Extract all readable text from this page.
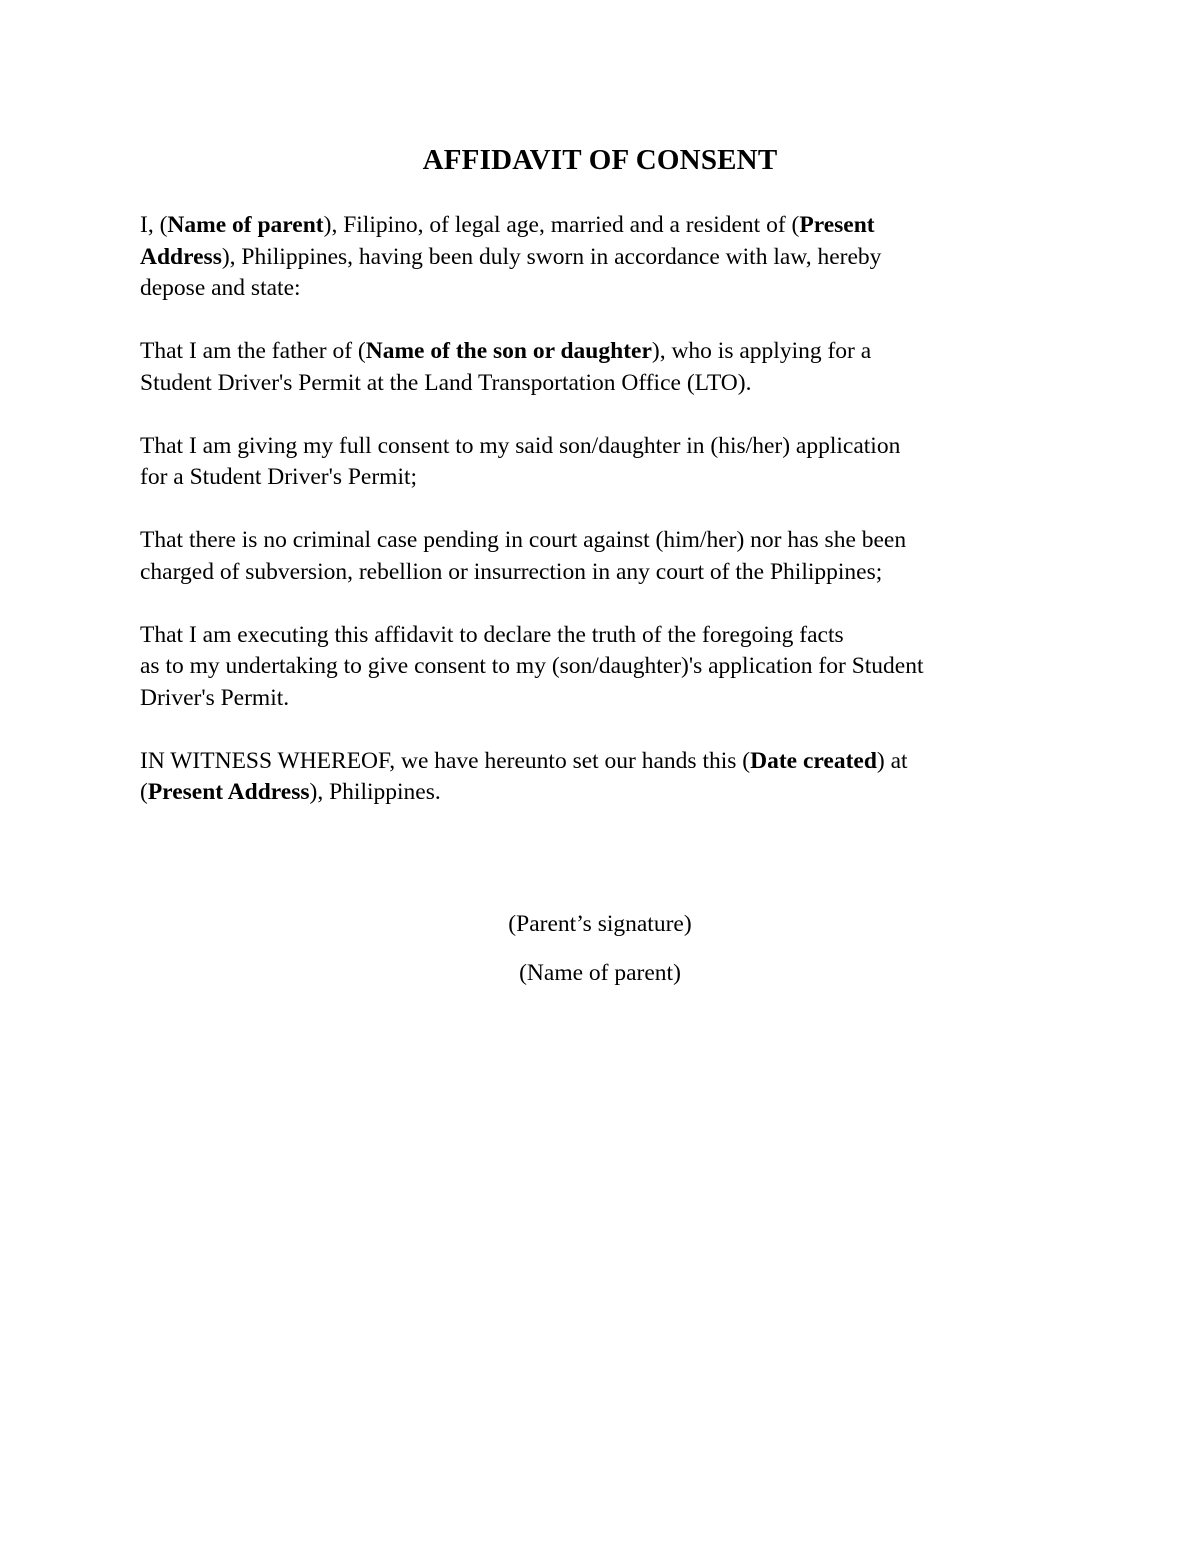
AFFIDAVIT OF CONSENT

I, (Name of parent), Filipino, of legal age, married and a resident of (Present
Address), Philippines, having been duly sworn in accordance with law, hereby
depose and state:

That I am the father of (Name of the son or daughter), who is applying for a
Student Driver's Permit at the Land Transportation Office (LTO).

That I am giving my full consent to my said son/daughter in (his/her) application
for a Student Driver's Permit;

That there is no criminal case pending in court against (him/her) nor has she been
charged of subversion, rebellion or insurrection in any court of the Philippines;

That I am executing this affidavit to declare the truth of the foregoing facts
as to my undertaking to give consent to my (son/daughter)'s application for Student
Driver's Permit.

IN WITNESS WHEREOF, we have hereunto set our hands this (Date created) at
(Present Address), Philippines.

(Parent’s signature)
(Name of parent)
